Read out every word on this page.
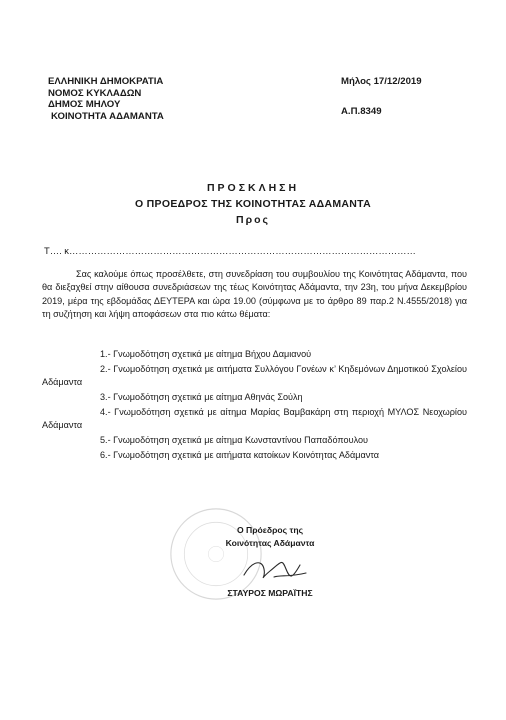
ΕΛΛΗΝΙΚΗ ΔΗΜΟΚΡΑΤΙΑ
ΝΟΜΟΣ ΚΥΚΛΑΔΩΝ
ΔΗΜΟΣ ΜΗΛΟΥ
ΚΟΙΝΟΤΗΤΑ ΑΔΑΜΑΝΤΑ
Μήλος 17/12/2019
Α.Π.8349
ΠΡΟΣΚΛΗΣΗ
Ο ΠΡΟΕΔΡΟΣ ΤΗΣ ΚΟΙΝΟΤΗΤΑΣ ΑΔΑΜΑΝΤΑ
Προς
Τ…. κ…………………………………………………………………………………………………
Σας καλούμε όπως προσέλθετε, στη συνεδρίαση του συμβουλίου της Κοινότητας Αδάμαντα, που θα διεξαχθεί στην αίθουσα συνεδριάσεων της τέως Κοινότητας Αδάμαντα, την 23η, του μήνα Δεκεμβρίου 2019, μέρα της εβδομάδας ΔΕΥΤΕΡΑ και ώρα 19.00 (σύμφωνα με το άρθρο 89 παρ.2 Ν.4555/2018) για τη συζήτηση και λήψη αποφάσεων στα πιο κάτω θέματα:
1.- Γνωμοδότηση σχετικά με αίτημα Βήχου Δαμιανού
2.- Γνωμοδότηση σχετικά με αιτήματα Συλλόγου Γονέων κ’ Κηδεμόνων Δημοτικού Σχολείου Αδάμαντα
3.- Γνωμοδότηση σχετικά με αίτημα Αθηνάς Σούλη
4.- Γνωμοδότηση σχετικά με αίτημα Μαρίας Βαμβακάρη στη περιοχή ΜΥΛΟΣ Νεοχωρίου Αδάμαντα
5.- Γνωμοδότηση σχετικά με αίτημα Κωνσταντίνου Παπαδόπουλου
6.- Γνωμοδότηση σχετικά με αιτήματα κατοίκων Κοινότητας Αδάμαντα
Ο Πρόεδρος της
Κοινότητας Αδάμαντα
ΣΤΑΥΡΟΣ ΜΩΡΑΪΤΗΣ
